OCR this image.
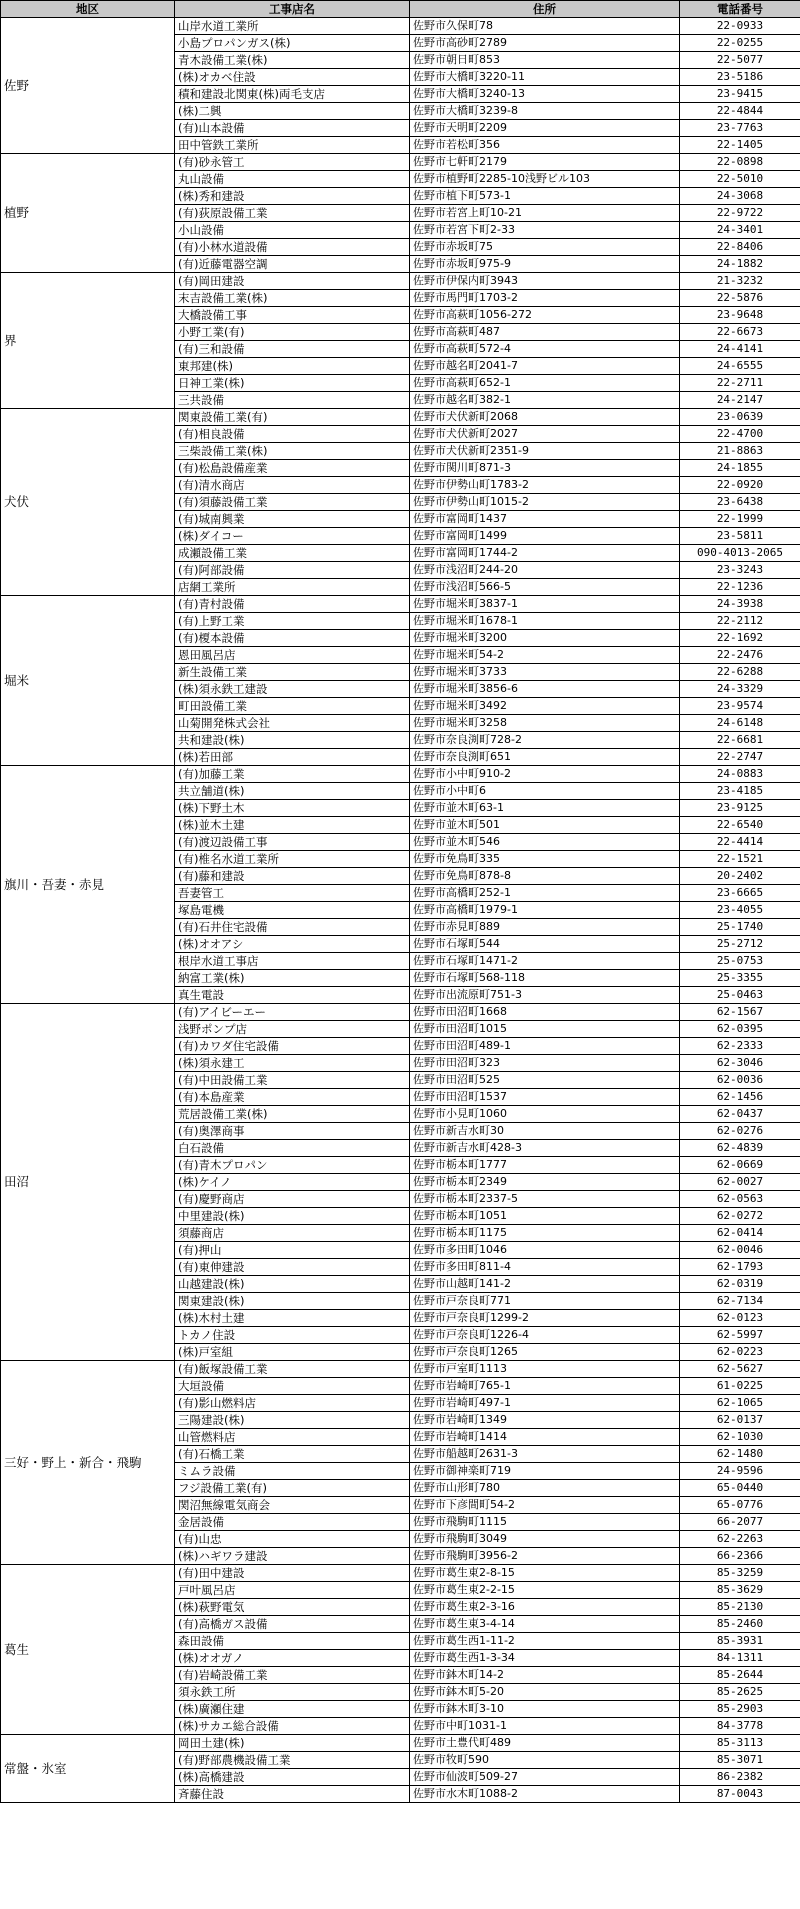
地区	工事店名	住所	電話番号
佐野	山岸水道工業所	佐野市久保町78	22-0933
	小島プロパンガス(株)	佐野市高砂町2789	22-0255
	青木設備工業(株)	佐野市朝日町853	22-5077
	(株)オカベ住設	佐野市大橋町3220-11	23-5186
	積和建設北関東(株)両毛支店	佐野市大橋町3240-13	23-9415
	(株)二興	佐野市大橋町3239-8	22-4844
	(有)山本設備	佐野市天明町2209	23-7763
	田中管鉄工業所	佐野市若松町356	22-1405
植野	(有)砂永管工	佐野市七軒町2179	22-0898
	丸山設備	佐野市植野町2285-10浅野ビル103	22-5010
	(株)秀和建設	佐野市植下町573-1	24-3068
	(有)荻原設備工業	佐野市若宮上町10-21	22-9722
	小山設備	佐野市若宮下町2-33	24-3401
	(有)小林水道設備	佐野市赤坂町75	22-8406
	(有)近藤電器空調	佐野市赤坂町975-9	24-1882
界	(有)岡田建設	佐野市伊保内町3943	21-3232
	末吉設備工業(株)	佐野市馬門町1703-2	22-5876
	大橋設備工事	佐野市高萩町1056-272	23-9648
	小野工業(有)	佐野市高萩町487	22-6673
	(有)三和設備	佐野市高萩町572-4	24-4141
	東邦建(株)	佐野市越名町2041-7	24-6555
	日神工業(株)	佐野市高萩町652-1	22-2711
	三共設備	佐野市越名町382-1	24-2147
犬伏	関東設備工業(有)	佐野市犬伏新町2068	23-0639
	(有)相良設備	佐野市犬伏新町2027	22-4700
	三柴設備工業(株)	佐野市犬伏新町2351-9	21-8863
	(有)松島設備産業	佐野市関川町871-3	24-1855
	(有)清水商店	佐野市伊勢山町1783-2	22-0920
	(有)須藤設備工業	佐野市伊勢山町1015-2	23-6438
	(有)城南興業	佐野市富岡町1437	22-1999
	(株)ダイコー	佐野市富岡町1499	23-5811
	成瀬設備工業	佐野市富岡町1744-2	090-4013-2065
	(有)阿部設備	佐野市浅沼町244-20	23-3243
	店網工業所	佐野市浅沼町566-5	22-1236
堀米	(有)青村設備	佐野市堀米町3837-1	24-3938
	(有)上野工業	佐野市堀米町1678-1	22-2112
	(有)榎本設備	佐野市堀米町3200	22-1692
	恩田風呂店	佐野市堀米町54-2	22-2476
	新生設備工業	佐野市堀米町3733	22-6288
	(株)須永鉄工建設	佐野市堀米町3856-6	24-3329
	町田設備工業	佐野市堀米町3492	23-9574
	山菊開発株式会社	佐野市堀米町3258	24-6148
	共和建設(株)	佐野市奈良渕町728-2	22-6681
	(株)若田部	佐野市奈良渕町651	22-2747
旗川・吾妻・赤見	(有)加藤工業	佐野市小中町910-2	24-0883
	共立舗道(株)	佐野市小中町6	23-4185
	(株)下野土木	佐野市並木町63-1	23-9125
	(株)並木土建	佐野市並木町501	22-6540
	(有)渡辺設備工事	佐野市並木町546	22-4414
	(有)椎名水道工業所	佐野市免鳥町335	22-1521
	(有)藤和建設	佐野市免鳥町878-8	20-2402
	吾妻管工	佐野市高橋町252-1	23-6665
	塚島電機	佐野市高橋町1979-1	23-4055
	(有)石井住宅設備	佐野市赤見町889	25-1740
	(株)オオアシ	佐野市石塚町544	25-2712
	根岸水道工事店	佐野市石塚町1471-2	25-0753
	納富工業(株)	佐野市石塚町568-118	25-3355
	真生電設	佐野市出流原町751-3	25-0463
田沼	(有)アイビーエー	佐野市田沼町1668	62-1567
	浅野ポンプ店	佐野市田沼町1015	62-0395
	(有)カワダ住宅設備	佐野市田沼町489-1	62-2333
	(株)須永建工	佐野市田沼町323	62-3046
	(有)中田設備工業	佐野市田沼町525	62-0036
	(有)本島産業	佐野市田沼町1537	62-1456
	荒居設備工業(株)	佐野市小見町1060	62-0437
	(有)奥澤商事	佐野市新吉水町30	62-0276
	白石設備	佐野市新吉水町428-3	62-4839
	(有)青木プロパン	佐野市栃本町1777	62-0669
	(株)ケイノ	佐野市栃本町2349	62-0027
	(有)慶野商店	佐野市栃本町2337-5	62-0563
	中里建設(株)	佐野市栃本町1051	62-0272
	須藤商店	佐野市栃本町1175	62-0414
	(有)押山	佐野市多田町1046	62-0046
	(有)東伸建設	佐野市多田町811-4	62-1793
	山越建設(株)	佐野市山越町141-2	62-0319
	関東建設(株)	佐野市戸奈良町771	62-7134
	(株)木村土建	佐野市戸奈良町1299-2	62-0123
	トカノ住設	佐野市戸奈良町1226-4	62-5997
	(株)戸室組	佐野市戸奈良町1265	62-0223
三好・野上・新合・飛駒	(有)飯塚設備工業	佐野市戸室町1113	62-5627
	大垣設備	佐野市岩崎町765-1	61-0225
	(有)影山燃料店	佐野市岩崎町497-1	62-1065
	三陽建設(株)	佐野市岩崎町1349	62-0137
	山管燃料店	佐野市岩崎町1414	62-1030
	(有)石橋工業	佐野市船越町2631-3	62-1480
	ミムラ設備	佐野市御神楽町719	24-9596
	フジ設備工業(有)	佐野市山形町780	65-0440
	関沼無線電気商会	佐野市下彦間町54-2	65-0776
	金居設備	佐野市飛駒町1115	66-2077
	(有)山忠	佐野市飛駒町3049	62-2263
	(株)ハギワラ建設	佐野市飛駒町3956-2	66-2366
葛生	(有)田中建設	佐野市葛生東2-8-15	85-3259
	戸叶風呂店	佐野市葛生東2-2-15	85-3629
	(株)萩野電気	佐野市葛生東2-3-16	85-2130
	(有)高橋ガス設備	佐野市葛生東3-4-14	85-2460
	森田設備	佐野市葛生西1-11-2	85-3931
	(株)オオガノ	佐野市葛生西1-3-34	84-1311
	(有)岩崎設備工業	佐野市鉢木町14-2	85-2644
	須永鉄工所	佐野市鉢木町5-20	85-2625
	(株)廣瀬住建	佐野市鉢木町3-10	85-2903
	(株)サカエ総合設備	佐野市中町1031-1	84-3778
常盤・氷室	岡田土建(株)	佐野市土豊代町489	85-3113
	(有)野部農機設備工業	佐野市牧町590	85-3071
	(株)高橋建設	佐野市仙波町509-27	86-2382
	斉藤住設	佐野市水木町1088-2	87-0043
